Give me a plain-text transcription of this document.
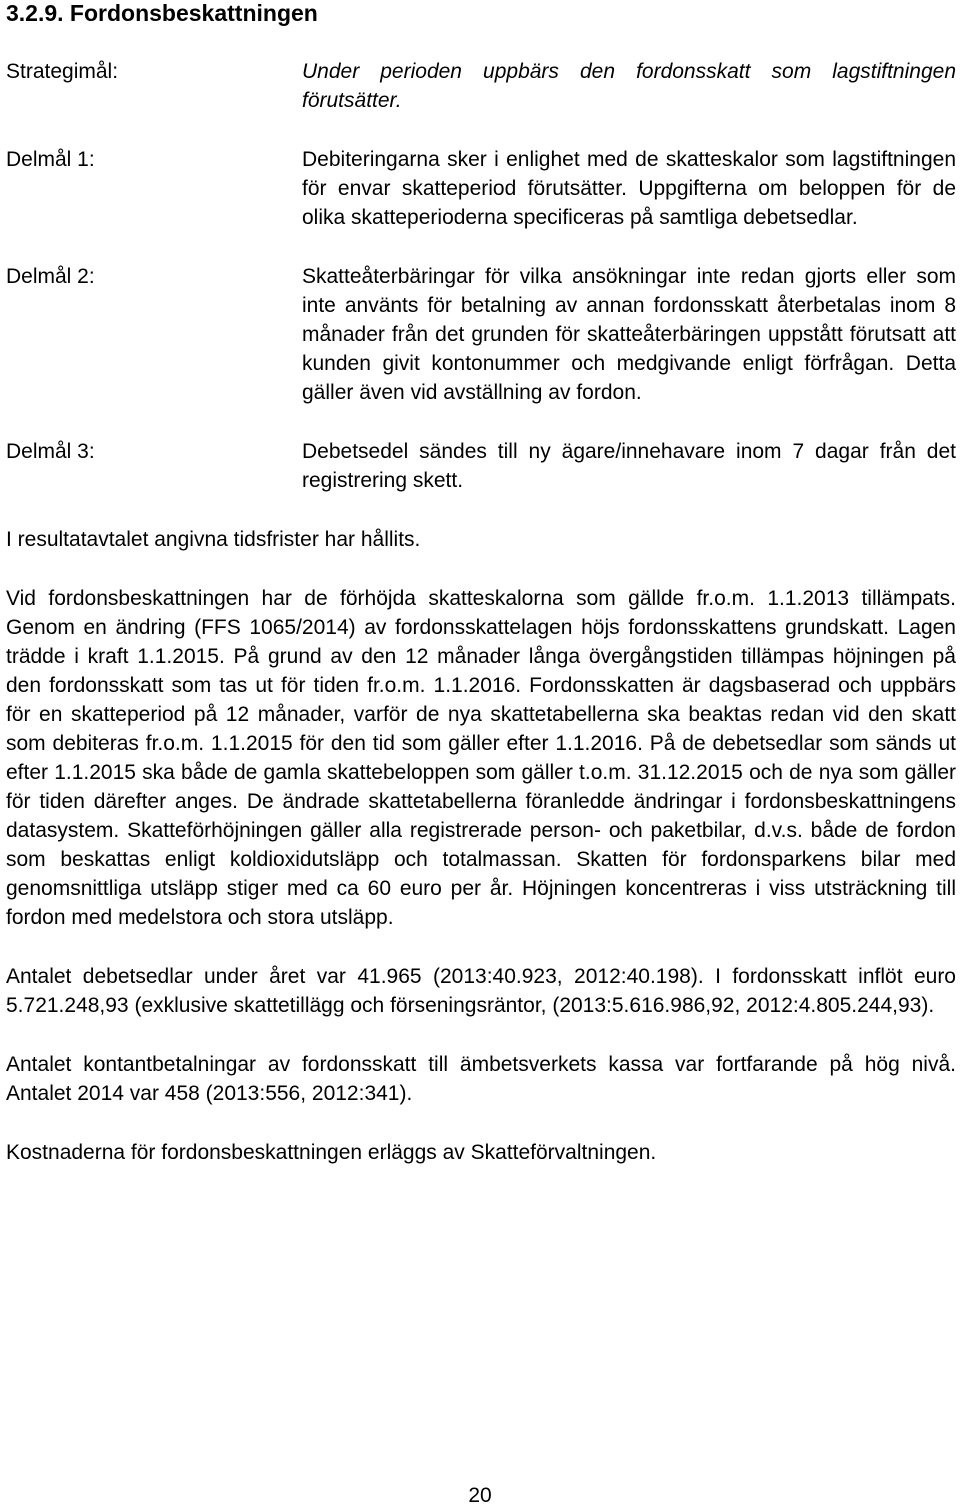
3.2.9. Fordonsbeskattningen
Strategimål:	Under perioden uppbärs den fordonsskatt som lagstiftningen förutsätter.
Delmål 1:	Debiteringarna sker i enlighet med de skatteskalor som lagstiftningen för envar skatteperiod förutsätter. Uppgifterna om beloppen för de olika skatteperioderna specificeras på samtliga debetsedlar.
Delmål 2:	Skatteåterbäringar för vilka ansökningar inte redan gjorts eller som inte använts för betalning av annan fordonsskatt återbetalas inom 8 månader från det grunden för skatteåterbäringen uppstått förutsatt att kunden givit kontonummer och medgivande enligt förfrågan. Detta gäller även vid avställning av fordon.
Delmål 3:	Debetsedel sändes till ny ägare/innehavare inom 7 dagar från det registrering skett.

I resultatavtalet angivna tidsfrister har hållits.

Vid fordonsbeskattningen har de förhöjda skatteskalorna som gällde fr.o.m. 1.1.2013 tillämpats. Genom en ändring (FFS 1065/2014) av fordonsskattelagen höjs fordonsskattens grundskatt. Lagen trädde i kraft 1.1.2015. På grund av den 12 månader långa övergångstiden tillämpas höjningen på den fordonsskatt som tas ut för tiden fr.o.m. 1.1.2016. Fordonsskatten är dagsbaserad och uppbärs för en skatteperiod på 12 månader, varför de nya skattetabellerna ska beaktas redan vid den skatt som debiteras fr.o.m. 1.1.2015 för den tid som gäller efter 1.1.2016. På de debetsedlar som sänds ut efter 1.1.2015 ska både de gamla skattebeloppen som gäller t.o.m. 31.12.2015 och de nya som gäller för tiden därefter anges. De ändrade skattetabellerna föranledde ändringar i fordonsbeskattningens datasystem. Skatteförhöjningen gäller alla registrerade person- och paketbilar, d.v.s. både de fordon som beskattas enligt koldioxidutsläpp och totalmassan. Skatten för fordonsparkens bilar med genomsnittliga utsläpp stiger med ca 60 euro per år. Höjningen koncentreras i viss utsträckning till fordon med medelstora och stora utsläpp.

Antalet debetsedlar under året var 41.965 (2013:40.923, 2012:40.198). I fordonsskatt inflöt euro 5.721.248,93 (exklusive skattetillägg och förseningsräntor, (2013:5.616.986,92, 2012:4.805.244,93).

Antalet kontantbetalningar av fordonsskatt till ämbetsverkets kassa var fortfarande på hög nivå. Antalet 2014 var 458 (2013:556, 2012:341).

Kostnaderna för fordonsbeskattningen erläggs av Skatteförvaltningen.

20
